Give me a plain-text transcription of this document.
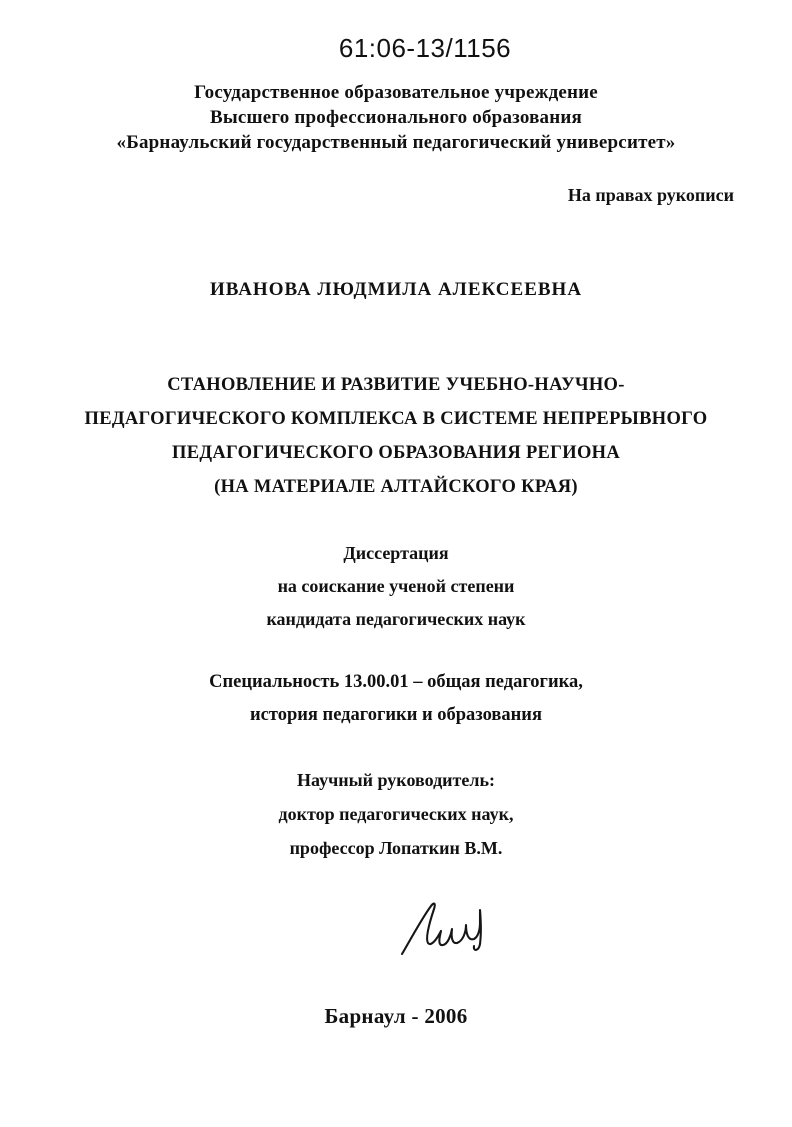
61:06-13/1156
Государственное образовательное учреждение
Высшего профессионального образования
«Барнаульский государственный педагогический университет»
На правах рукописи
ИВАНОВА ЛЮДМИЛА АЛЕКСЕЕВНА
СТАНОВЛЕНИЕ И РАЗВИТИЕ УЧЕБНО-НАУЧНО-
ПЕДАГОГИЧЕСКОГО КОМПЛЕКСА В СИСТЕМЕ НЕПРЕРЫВНОГО
ПЕДАГОГИЧЕСКОГО ОБРАЗОВАНИЯ РЕГИОНА
(НА МАТЕРИАЛЕ АЛТАЙСКОГО КРАЯ)
Диссертация
на соискание ученой степени
кандидата педагогических наук
Специальность 13.00.01 – общая педагогика,
история педагогики и образования
Научный руководитель:
доктор педагогических наук,
профессор Лопаткин В.М.
Барнаул - 2006
